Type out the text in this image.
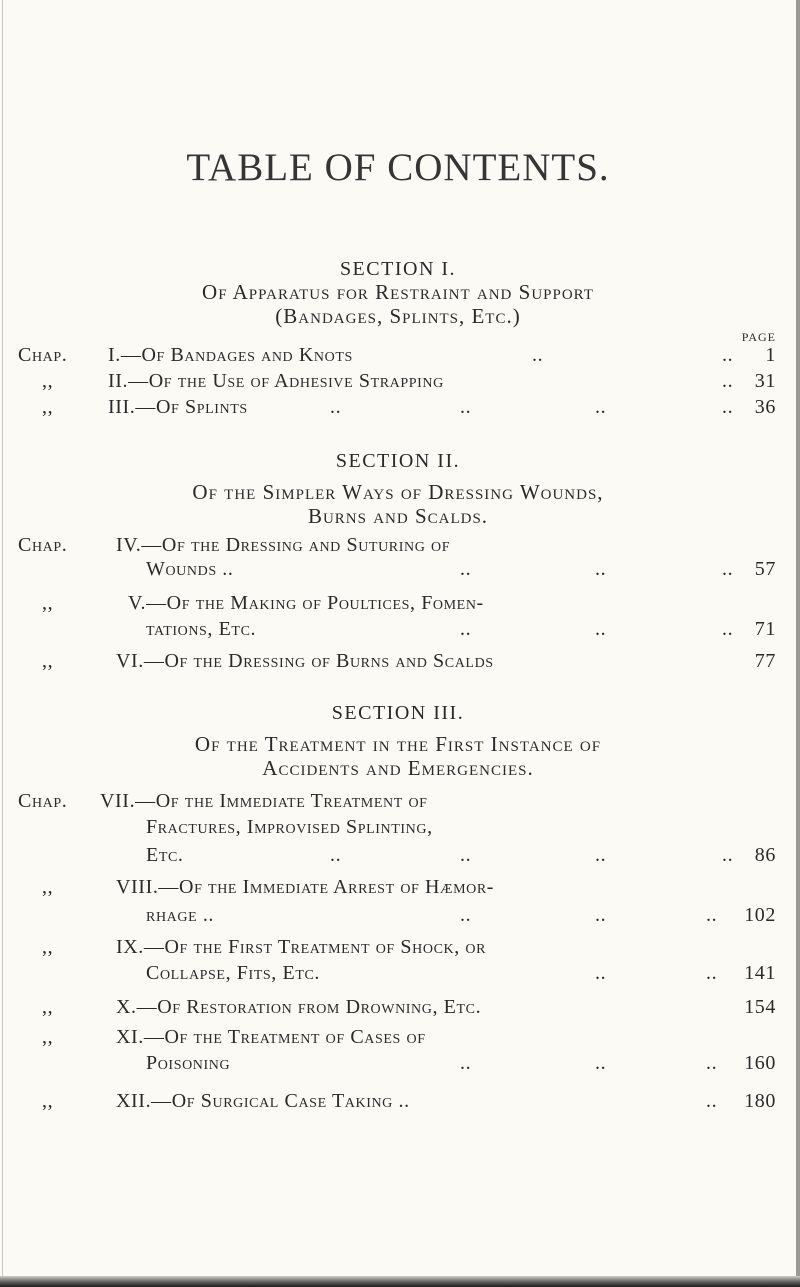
TABLE OF CONTENTS.
SECTION I.
Of Apparatus for Restraint and Support
(Bandages, Splints, Etc.)
PAGE
Chap. I.—Of Bandages and Knots	..	.. 1
,,	II.—Of the Use of Adhesive Strapping	.. 31
,,	III.—Of Splints	..	..	..	.. 36
SECTION II.
Of the Simpler Ways of Dressing Wounds,
Burns and Scalds.
Chap. IV.—Of the Dressing and Suturing of
Wounds ..	..	..	.. 57
,,	V.—Of the Making of Poultices, Fomen-
tations, Etc.	..	..	.. 71
,,	VI.—Of the Dressing of Burns and Scalds	77
SECTION III.
Of the Treatment in the First Instance of
Accidents and Emergencies.
Chap. VII.—Of the Immediate Treatment of
Fractures, Improvised Splinting,
Etc.	..	..	..	.. 86
,,	VIII.—Of the Immediate Arrest of Hæmor-
rhage ..	..	..	.. 102
,,	IX.—Of the First Treatment of Shock, or
Collapse, Fits, Etc.	..	.. 141
,,	X.—Of Restoration from Drowning, Etc.	154
,,	XI.—Of the Treatment of Cases of
Poisoning	..	..	.. 160
,,	XII.—Of Surgical Case Taking ..	.. 180
